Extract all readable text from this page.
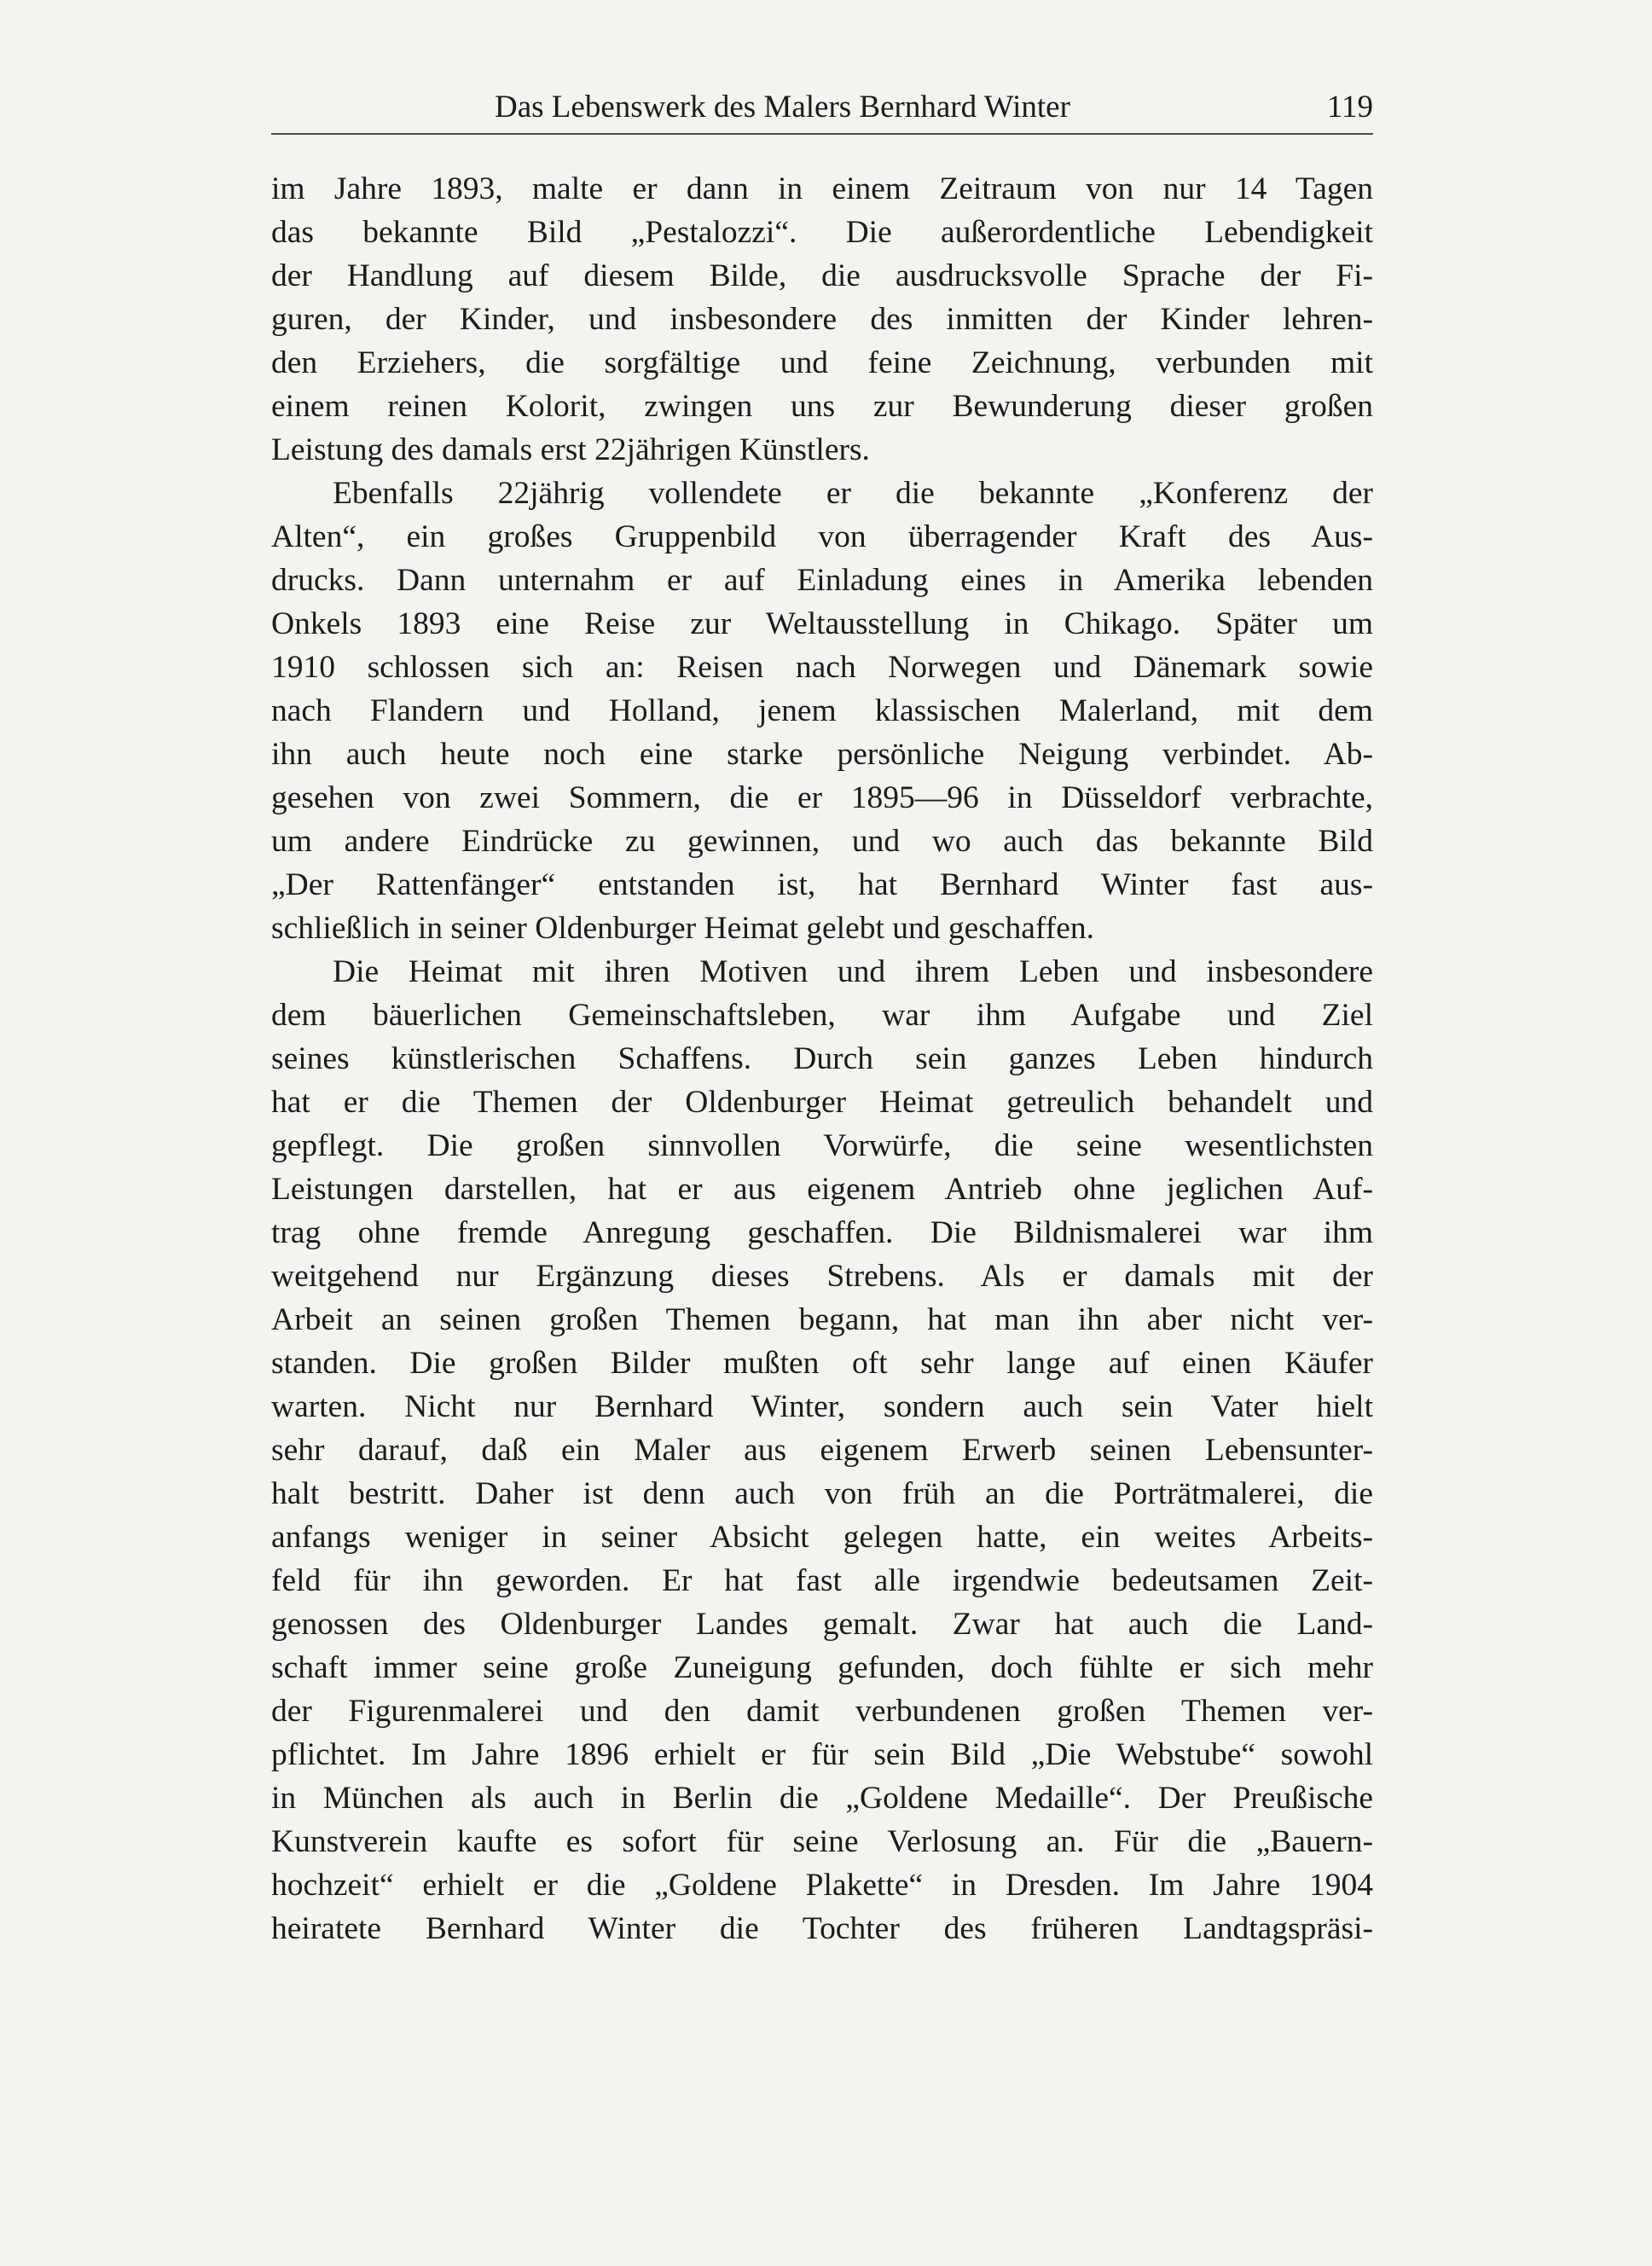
Das Lebenswerk des Malers Bernhard Winter	119
im Jahre 1893, malte er dann in einem Zeitraum von nur 14 Tagen
das bekannte Bild „Pestalozzi“. Die außerordentliche Lebendigkeit
der Handlung auf diesem Bilde, die ausdrucksvolle Sprache der Fi-
guren, der Kinder, und insbesondere des inmitten der Kinder lehren-
den Erziehers, die sorgfältige und feine Zeichnung, verbunden mit
einem reinen Kolorit, zwingen uns zur Bewunderung dieser großen
Leistung des damals erst 22jährigen Künstlers.
Ebenfalls 22jährig vollendete er die bekannte „Konferenz der
Alten“, ein großes Gruppenbild von überragender Kraft des Aus-
drucks. Dann unternahm er auf Einladung eines in Amerika lebenden
Onkels 1893 eine Reise zur Weltausstellung in Chikago. Später um
1910 schlossen sich an: Reisen nach Norwegen und Dänemark sowie
nach Flandern und Holland, jenem klassischen Malerland, mit dem
ihn auch heute noch eine starke persönliche Neigung verbindet. Ab-
gesehen von zwei Sommern, die er 1895—96 in Düsseldorf verbrachte,
um andere Eindrücke zu gewinnen, und wo auch das bekannte Bild
„Der Rattenfänger“ entstanden ist, hat Bernhard Winter fast aus-
schließlich in seiner Oldenburger Heimat gelebt und geschaffen.
Die Heimat mit ihren Motiven und ihrem Leben und insbesondere
dem bäuerlichen Gemeinschaftsleben, war ihm Aufgabe und Ziel
seines künstlerischen Schaffens. Durch sein ganzes Leben hindurch
hat er die Themen der Oldenburger Heimat getreulich behandelt und
gepflegt. Die großen sinnvollen Vorwürfe, die seine wesentlichsten
Leistungen darstellen, hat er aus eigenem Antrieb ohne jeglichen Auf-
trag ohne fremde Anregung geschaffen. Die Bildnismalerei war ihm
weitgehend nur Ergänzung dieses Strebens. Als er damals mit der
Arbeit an seinen großen Themen begann, hat man ihn aber nicht ver-
standen. Die großen Bilder mußten oft sehr lange auf einen Käufer
warten. Nicht nur Bernhard Winter, sondern auch sein Vater hielt
sehr darauf, daß ein Maler aus eigenem Erwerb seinen Lebensunter-
halt bestritt. Daher ist denn auch von früh an die Porträtmalerei, die
anfangs weniger in seiner Absicht gelegen hatte, ein weites Arbeits-
feld für ihn geworden. Er hat fast alle irgendwie bedeutsamen Zeit-
genossen des Oldenburger Landes gemalt. Zwar hat auch die Land-
schaft immer seine große Zuneigung gefunden, doch fühlte er sich mehr
der Figurenmalerei und den damit verbundenen großen Themen ver-
pflichtet. Im Jahre 1896 erhielt er für sein Bild „Die Webstube“ sowohl
in München als auch in Berlin die „Goldene Medaille“. Der Preußische
Kunstverein kaufte es sofort für seine Verlosung an. Für die „Bauern-
hochzeit“ erhielt er die „Goldene Plakette“ in Dresden. Im Jahre 1904
heiratete Bernhard Winter die Tochter des früheren Landtagspräsi-
